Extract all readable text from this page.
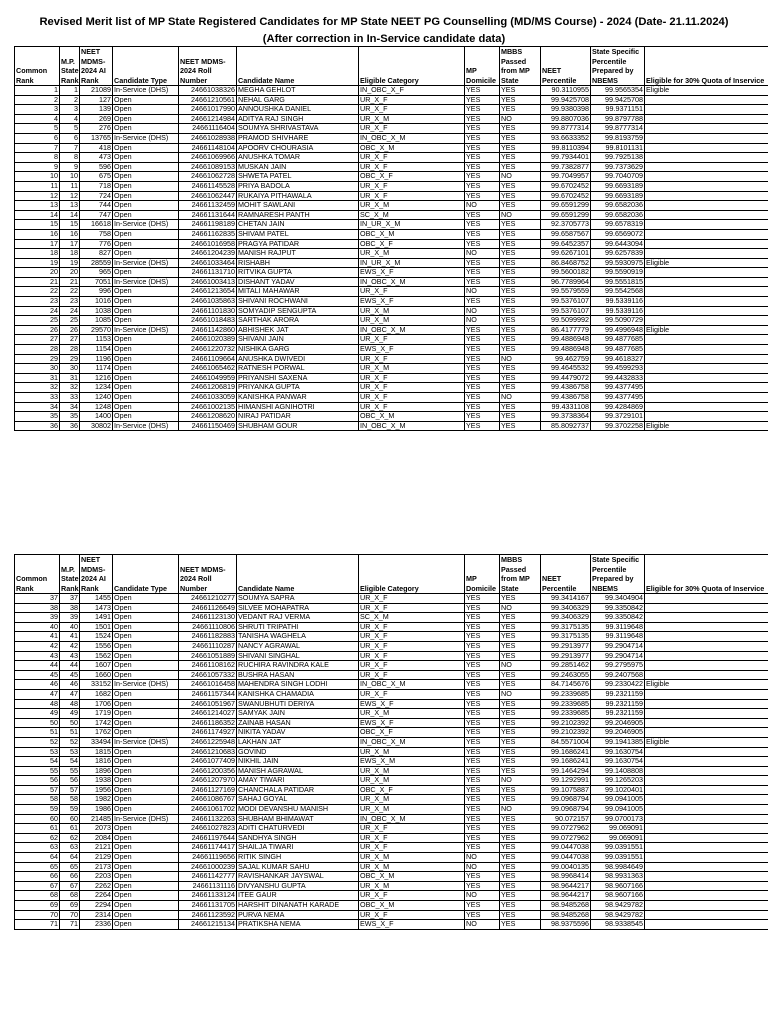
Revised Merit list of MP State Registered Candidates for MP State NEET PG Counselling (MD/MS Course) - 2024 (Date- 21.11.2024)
(After correction in In-Service candidate data)
Common Rank	M.P. State Rank	NEET MDMS-2024 AI Rank	Candidate Type	NEET MDMS-2024 Roll Number	Candidate Name	Eligible Category	MP Domicile	MBBS Passed from MP State	NEET Percentile	State Specific Percentile Prepared by NBEMS	Eligible for 30% Quota of Inservice
1	1	21089	In-Service (DHS)	24661038326	MEGHA GEHLOT	IN_OBC_X_F	YES	YES	90.3110955	99.9565354	Eligible
2	2	127	Open	24661210561	NEHAL GARG	UR_X_F	YES	YES	99.9425708	99.9425708	
3	3	139	Open	24661017990	ANNOUSHKA DANIEL	UR_X_F	YES	YES	99.9380398	99.9371151	
4	4	269	Open	24661214984	ADITYA RAJ SINGH	UR_X_M	YES	NO	99.8807036	99.8797788	
5	5	276	Open	24661116404	SOUMYA SHRIVASTAVA	UR_X_F	YES	YES	99.8777314	99.8777314	
6	6	13765	In-Service (DHS)	24661028938	PRAMOD SHIVHARE	IN_OBC_X_M	YES	YES	93.6633352	99.8193759	
7	7	418	Open	24661148104	APOORV CHOURASIA	OBC_X_M	YES	YES	99.8110394	99.8101131	
8	8	473	Open	24661069966	ANUSHKA TOMAR	UR_X_F	YES	YES	99.7934401	99.7925138	
9	9	596	Open	24661089153	MUSKAN JAIN	UR_X_F	YES	YES	99.7382877	99.7373629	
10	10	675	Open	24661062728	SHWETA PATEL	OBC_X_F	YES	NO	99.7049957	99.7040709	
11	11	718	Open	24661145528	PRIYA BADOLA	UR_X_F	YES	YES	99.6702452	99.6693189	
12	12	724	Open	24661062447	RUKAIYA PITHAWALA	UR_X_F	YES	YES	99.6702452	99.6693189	
13	13	744	Open	24661132459	MOHIT SAWLANI	UR_X_M	NO	YES	99.6591299	99.6582036	
14	14	747	Open	24661131644	RAMNARESH PANTH	SC_X_M	YES	NO	99.6591299	99.6582036	
15	15	16618	In-Service (DHS)	24661198189	CHETAN JAIN	IN_UR_X_M	YES	YES	92.3705773	99.6578319	
16	16	758	Open	24661162835	SHIVAM PATEL	OBC_X_M	YES	YES	99.6587567	99.6569072	
17	17	776	Open	24661016958	PRAGYA PATIDAR	OBC_X_F	YES	YES	99.6452357	99.6443094	
18	18	827	Open	24661204239	MANISH RAJPUT	UR_X_M	NO	YES	99.6267101	99.6257839	
19	19	28559	In-Service (DHS)	24661033464	RISHABH	IN_UR_X_M	YES	YES	86.8468752	99.5930975	Eligible
20	20	965	Open	24661131710	RITVIKA GUPTA	EWS_X_F	YES	YES	99.5600182	99.5590919	
21	21	7051	In-Service (DHS)	24661003413	DISHANT YADAV	IN_OBC_X_M	YES	YES	96.7789964	99.5551815	
22	22	996	Open	24661213654	MITALI MAHAWAR	UR_X_F	NO	YES	99.5579559	99.5542568	
23	23	1016	Open	24661035863	SHIVANI ROCHWANI	EWS_X_F	YES	YES	99.5376107	99.5339116	
24	24	1038	Open	24661101830	SOMYADIP SENGUPTA	UR_X_M	NO	YES	99.5376107	99.5339116	
25	25	1085	Open	24661018483	SARTHAK ARORA	UR_X_M	NO	YES	99.5099992	99.5090729	
26	26	29570	In-Service (DHS)	24661142860	ABHISHEK JAT	IN_OBC_X_M	YES	YES	86.4177779	99.4996948	Eligible
27	27	1153	Open	24661020389	SHIVANI JAIN	UR_X_F	YES	YES	99.4886948	99.4877685	
28	28	1154	Open	24661220732	NISHIKA GARG	EWS_X_F	YES	YES	99.4886948	99.4877685	
29	29	1196	Open	24661109664	ANUSHKA DWIVEDI	UR_X_F	YES	NO	99.462759	99.4618327	
30	30	1174	Open	24661065462	RATNESH PORWAL	UR_X_M	YES	YES	99.4645532	99.4599293	
31	31	1216	Open	24661049959	PRIYANSHI SAXENA	UR_X_F	YES	YES	99.4479072	99.4432833	
32	32	1234	Open	24661206819	PRIYANKA GUPTA	UR_X_F	YES	YES	99.4386758	99.4377495	
33	33	1240	Open	24661033059	KANISHKA PANWAR	UR_X_F	YES	NO	99.4386758	99.4377495	
34	34	1248	Open	24661002135	HIMANSHI AGNIHOTRI	UR_X_F	YES	YES	99.4331108	99.4284869	
35	35	1400	Open	24661208620	NIRAJ PATIDAR	OBC_X_M	YES	YES	99.3738364	99.3729101	
36	36	30802	In-Service (DHS)	24661150469	SHUBHAM GOUR	IN_OBC_X_M	YES	YES	85.8092737	99.3702258	Eligible
Common Rank	M.P. State Rank	NEET MDMS-2024 AI Rank	Candidate Type	NEET MDMS-2024 Roll Number	Candidate Name	Eligible Category	MP Domicile	MBBS Passed from MP State	NEET Percentile	State Specific Percentile Prepared by NBEMS	Eligible for 30% Quota of Inservice
37	37	1455	Open	24661210277	SOUMYA SAPRA	UR_X_F	YES	YES	99.3414167	99.3404904	
38	38	1473	Open	24661126649	SILVEE MOHAPATRA	UR_X_F	YES	NO	99.3406329	99.3350842	
39	39	1491	Open	24661123130	VEDANT RAJ VERMA	SC_X_M	YES	YES	99.3406329	99.3350842	
40	40	1501	Open	24661110806	SHRUTI TRIPATHI	UR_X_F	YES	YES	99.3175135	99.3119648	
41	41	1524	Open	24661182883	TANISHA WAGHELA	UR_X_F	YES	YES	99.3175135	99.3119648	
42	42	1556	Open	24661110287	NANCY AGRAWAL	UR_X_F	YES	YES	99.2913977	99.2904714	
43	43	1562	Open	24661051889	SHIVANI SINGHAL	UR_X_F	YES	YES	99.2913977	99.2904714	
44	44	1607	Open	24661108162	RUCHIRA RAVINDRA KALE	UR_X_F	YES	NO	99.2851462	99.2795975	
45	45	1660	Open	24661057332	BUSHRA HASAN	UR_X_F	YES	YES	99.2463055	99.2407568	
46	46	33152	In-Service (DHS)	24661016458	MAHENDRA SINGH LODHI	IN_OBC_X_M	YES	YES	84.7145676	99.2330422	Eligible
47	47	1682	Open	24661157344	KANISHKA CHAMADIA	UR_X_F	YES	NO	99.2339685	99.2321159	
48	48	1706	Open	24661051967	SWANUBHUTI DERIYA	EWS_X_F	YES	YES	99.2339685	99.2321159	
49	49	1719	Open	24661214027	SAMYAK JAIN	UR_X_M	YES	YES	99.2339685	99.2321159	
50	50	1742	Open	24661186352	ZAINAB HASAN	EWS_X_F	YES	YES	99.2102392	99.2046905	
51	51	1762	Open	24661174927	NIKITA YADAV	OBC_X_F	YES	YES	99.2102392	99.2046905	
52	52	33494	In-Service (DHS)	24661225948	LAKHAN JAT	IN_OBC_X_M	YES	YES	84.5571004	99.1941385	Eligible
53	53	1815	Open	24661210683	GOVIND	UR_X_M	YES	YES	99.1686241	99.1630754	
54	54	1816	Open	24661077409	NIKHIL JAIN	EWS_X_M	YES	YES	99.1686241	99.1630754	
55	55	1896	Open	24661200356	MANISH AGRAWAL	UR_X_M	YES	YES	99.1464294	99.1408808	
56	56	1938	Open	24661207970	AMAY TIWARI	UR_X_M	YES	NO	99.1292991	99.1265203	
57	57	1956	Open	24661127169	CHANCHALA PATIDAR	OBC_X_F	YES	YES	99.1075887	99.1020401	
58	58	1982	Open	24661086767	SAHAJ GOYAL	UR_X_M	YES	YES	99.0968794	99.0941005	
59	59	1986	Open	24661061702	MODI DEVANSHU MANISH	UR_X_M	YES	NO	99.0968794	99.0941005	
60	60	21485	In-Service (DHS)	24661132263	SHUBHAM BHIMAWAT	IN_OBC_X_M	YES	YES	90.072157	99.0700173	
61	61	2073	Open	24661027823	ADITI CHATURVEDI	UR_X_F	YES	YES	99.0727962	99.069091	
62	62	2084	Open	24661197644	SANDHYA SINGH	UR_X_F	YES	YES	99.0727962	99.069091	
63	63	2121	Open	24661174417	SHAILJA TIWARI	UR_X_F	YES	YES	99.0447038	99.0391551	
64	64	2129	Open	24661119656	RITIK SINGH	UR_X_M	NO	YES	99.0447038	99.0391551	
65	65	2173	Open	24661000239	SAJAL KUMAR SAHU	UR_X_M	NO	YES	99.0040135	98.9984649	
66	66	2203	Open	24661142777	RAVISHANKAR JAYSWAL	OBC_X_M	YES	YES	98.9968414	98.9931363	
67	67	2262	Open	24661131116	DIVYANSHU GUPTA	UR_X_M	YES	YES	98.9644217	98.9607166	
68	68	2264	Open	24661133124	ITEE GAUR	UR_X_F	NO	YES	98.9644217	98.9607166	
69	69	2294	Open	24661131705	HARSHIT DINANATH KARADE	OBC_X_M	YES	YES	98.9485268	98.9429782	
70	70	2314	Open	24661123592	PURVA NEMA	UR_X_F	YES	YES	98.9485268	98.9429782	
71	71	2336	Open	24661215134	PRATIKSHA NEMA	EWS_X_F	NO	YES	98.9375596	98.9338545	
